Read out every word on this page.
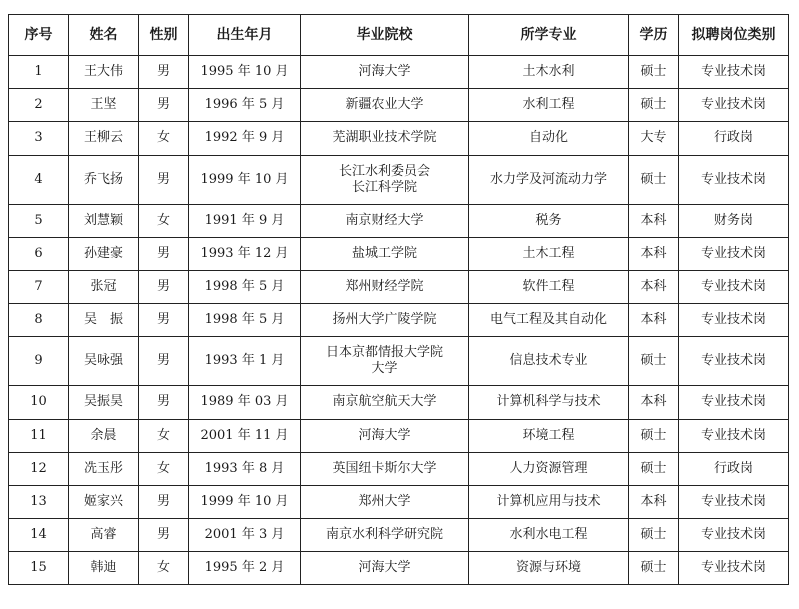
序号	姓名	性别	出生年月	毕业院校	所学专业	学历	拟聘岗位类别
1	王大伟	男	1995 年 10 月	河海大学	土木水利	硕士	专业技术岗
2	王坚	男	1996 年 5 月	新疆农业大学	水利工程	硕士	专业技术岗
3	王柳云	女	1992 年 9 月	芜湖职业技术学院	自动化	大专	行政岗
4	乔飞扬	男	1999 年 10 月	长江水利委员会
长江科学院	水力学及河流动力学	硕士	专业技术岗
5	刘慧颖	女	1991 年 9 月	南京财经大学	税务	本科	财务岗
6	孙建豪	男	1993 年 12 月	盐城工学院	土木工程	本科	专业技术岗
7	张冠	男	1998 年 5 月	郑州财经学院	软件工程	本科	专业技术岗
8	吴　振	男	1998 年 5 月	扬州大学广陵学院	电气工程及其自动化	本科	专业技术岗
9	吴咏强	男	1993 年 1 月	日本京都情报大学院
大学	信息技术专业	硕士	专业技术岗
10	吴振昊	男	1989 年 03 月	南京航空航天大学	计算机科学与技术	本科	专业技术岗
11	余晨	女	2001 年 11 月	河海大学	环境工程	硕士	专业技术岗
12	冼玉彤	女	1993 年 8 月	英国纽卡斯尔大学	人力资源管理	硕士	行政岗
13	姬家兴	男	1999 年 10 月	郑州大学	计算机应用与技术	本科	专业技术岗
14	高睿	男	2001 年 3 月	南京水利科学研究院	水利水电工程	硕士	专业技术岗
15	韩迪	女	1995 年 2 月	河海大学	资源与环境	硕士	专业技术岗
